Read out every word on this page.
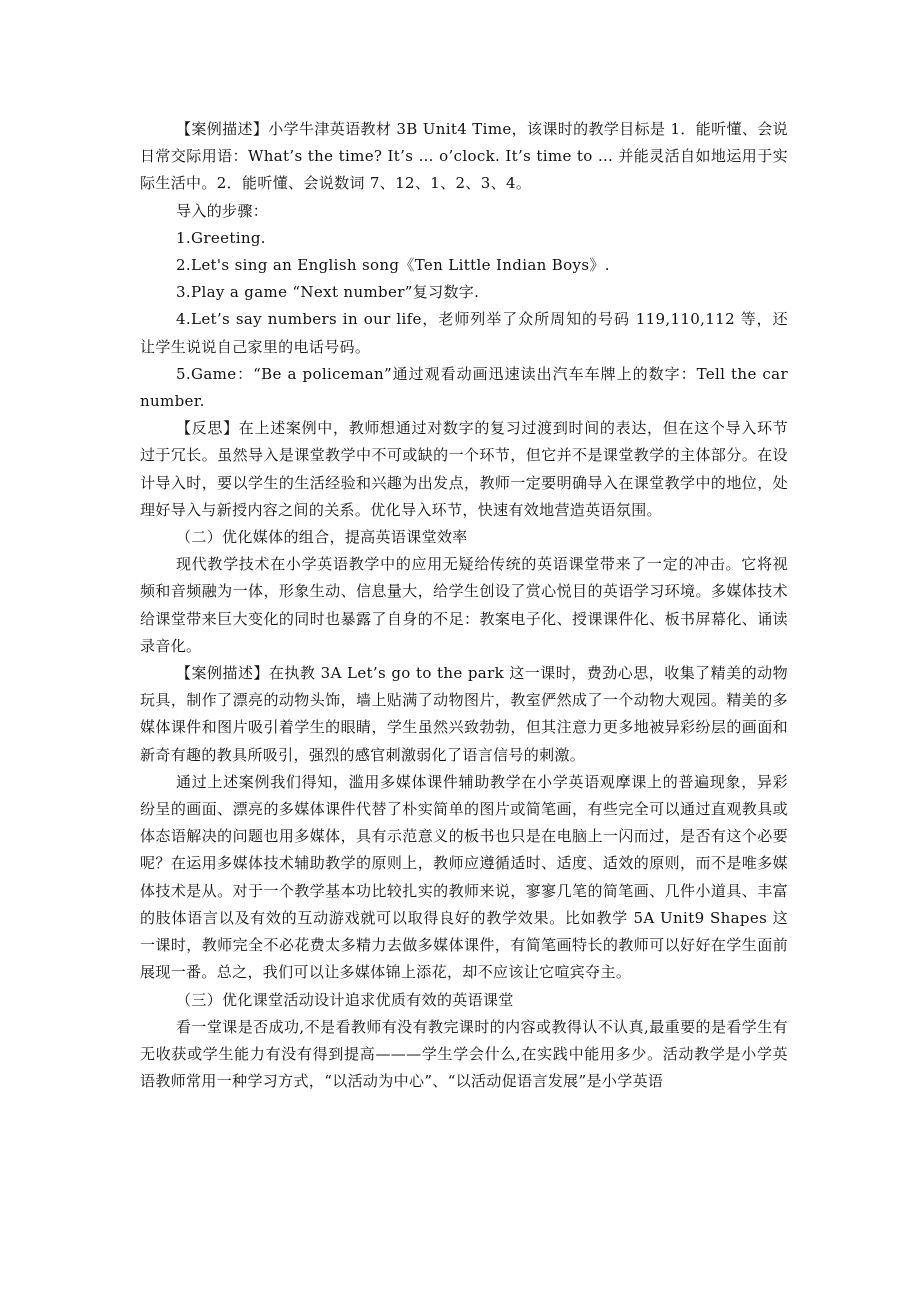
【案例描述】小学牛津英语教材 3B Unit4 Time，该课时的教学目标是 1．能听懂、会说日常交际用语：What’s the time? It’s … o’clock. It’s time to … 并能灵活自如地运用于实际生活中。2．能听懂、会说数词 7、12、1、2、3、4。

导入的步骤：

1.Greeting.

2.Let's sing an English song《Ten Little Indian Boys》.

3.Play a game “Next number”复习数字.

4.Let’s say numbers in our life，老师列举了众所周知的号码 119,110,112 等，还让学生说说自己家里的电话号码。

5.Game：“Be a policeman”通过观看动画迅速读出汽车车牌上的数字：Tell the car number.

【反思】在上述案例中，教师想通过对数字的复习过渡到时间的表达，但在这个导入环节过于冗长。虽然导入是课堂教学中不可或缺的一个环节，但它并不是课堂教学的主体部分。在设计导入时，要以学生的生活经验和兴趣为出发点，教师一定要明确导入在课堂教学中的地位，处理好导入与新授内容之间的关系。优化导入环节，快速有效地营造英语氛围。

（二）优化媒体的组合，提高英语课堂效率

现代教学技术在小学英语教学中的应用无疑给传统的英语课堂带来了一定的冲击。它将视频和音频融为一体，形象生动、信息量大，给学生创设了赏心悦目的英语学习环境。多媒体技术给课堂带来巨大变化的同时也暴露了自身的不足：教案电子化、授课课件化、板书屏幕化、诵读录音化。

【案例描述】在执教 3A Let’s go to the park 这一课时，费劲心思，收集了精美的动物玩具，制作了漂亮的动物头饰，墙上贴满了动物图片，教室俨然成了一个动物大观园。精美的多媒体课件和图片吸引着学生的眼睛，学生虽然兴致勃勃，但其注意力更多地被异彩纷层的画面和新奇有趣的教具所吸引，强烈的感官刺激弱化了语言信号的刺激。

通过上述案例我们得知，滥用多媒体课件辅助教学在小学英语观摩课上的普遍现象，异彩纷呈的画面、漂亮的多媒体课件代替了朴实简单的图片或简笔画，有些完全可以通过直观教具或体态语解决的问题也用多媒体，具有示范意义的板书也只是在电脑上一闪而过，是否有这个必要呢？在运用多媒体技术辅助教学的原则上，教师应遵循适时、适度、适效的原则，而不是唯多媒体技术是从。对于一个教学基本功比较扎实的教师来说，寥寥几笔的简笔画、几件小道具、丰富的肢体语言以及有效的互动游戏就可以取得良好的教学效果。比如教学 5A Unit9 Shapes 这一课时，教师完全不必花费太多精力去做多媒体课件，有简笔画特长的教师可以好好在学生面前展现一番。总之，我们可以让多媒体锦上添花，却不应该让它喧宾夺主。

（三）优化课堂活动设计追求优质有效的英语课堂

看一堂课是否成功,不是看教师有没有教完课时的内容或教得认不认真,最重要的是看学生有无收获或学生能力有没有得到提高———学生学会什么,在实践中能用多少。活动教学是小学英语教师常用一种学习方式，“以活动为中心”、“以活动促语言发展”是小学英语
